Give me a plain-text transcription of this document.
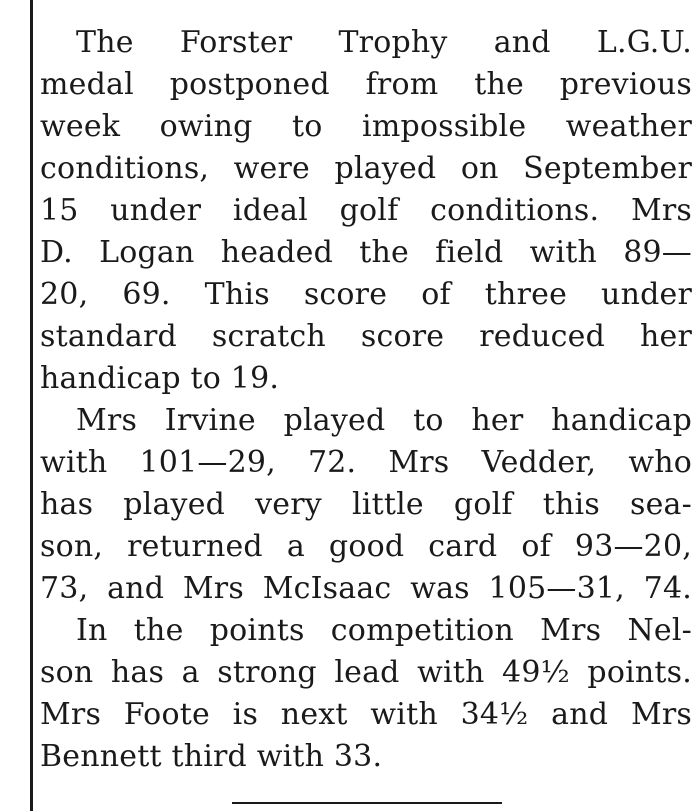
The Forster Trophy and L.G.U.
medal postponed from the previous
week owing to impossible weather
conditions, were played on September
15 under ideal golf conditions. Mrs
D. Logan headed the field with 89—
20, 69. This score of three under
standard scratch score reduced her
handicap to 19.
Mrs Irvine played to her handicap
with 101—29, 72. Mrs Vedder, who
has played very little golf this sea-
son, returned a good card of 93—20,
73, and Mrs McIsaac was 105—31, 74.
In the points competition Mrs Nel-
son has a strong lead with 49½ points.
Mrs Foote is next with 34½ and Mrs
Bennett third with 33.
